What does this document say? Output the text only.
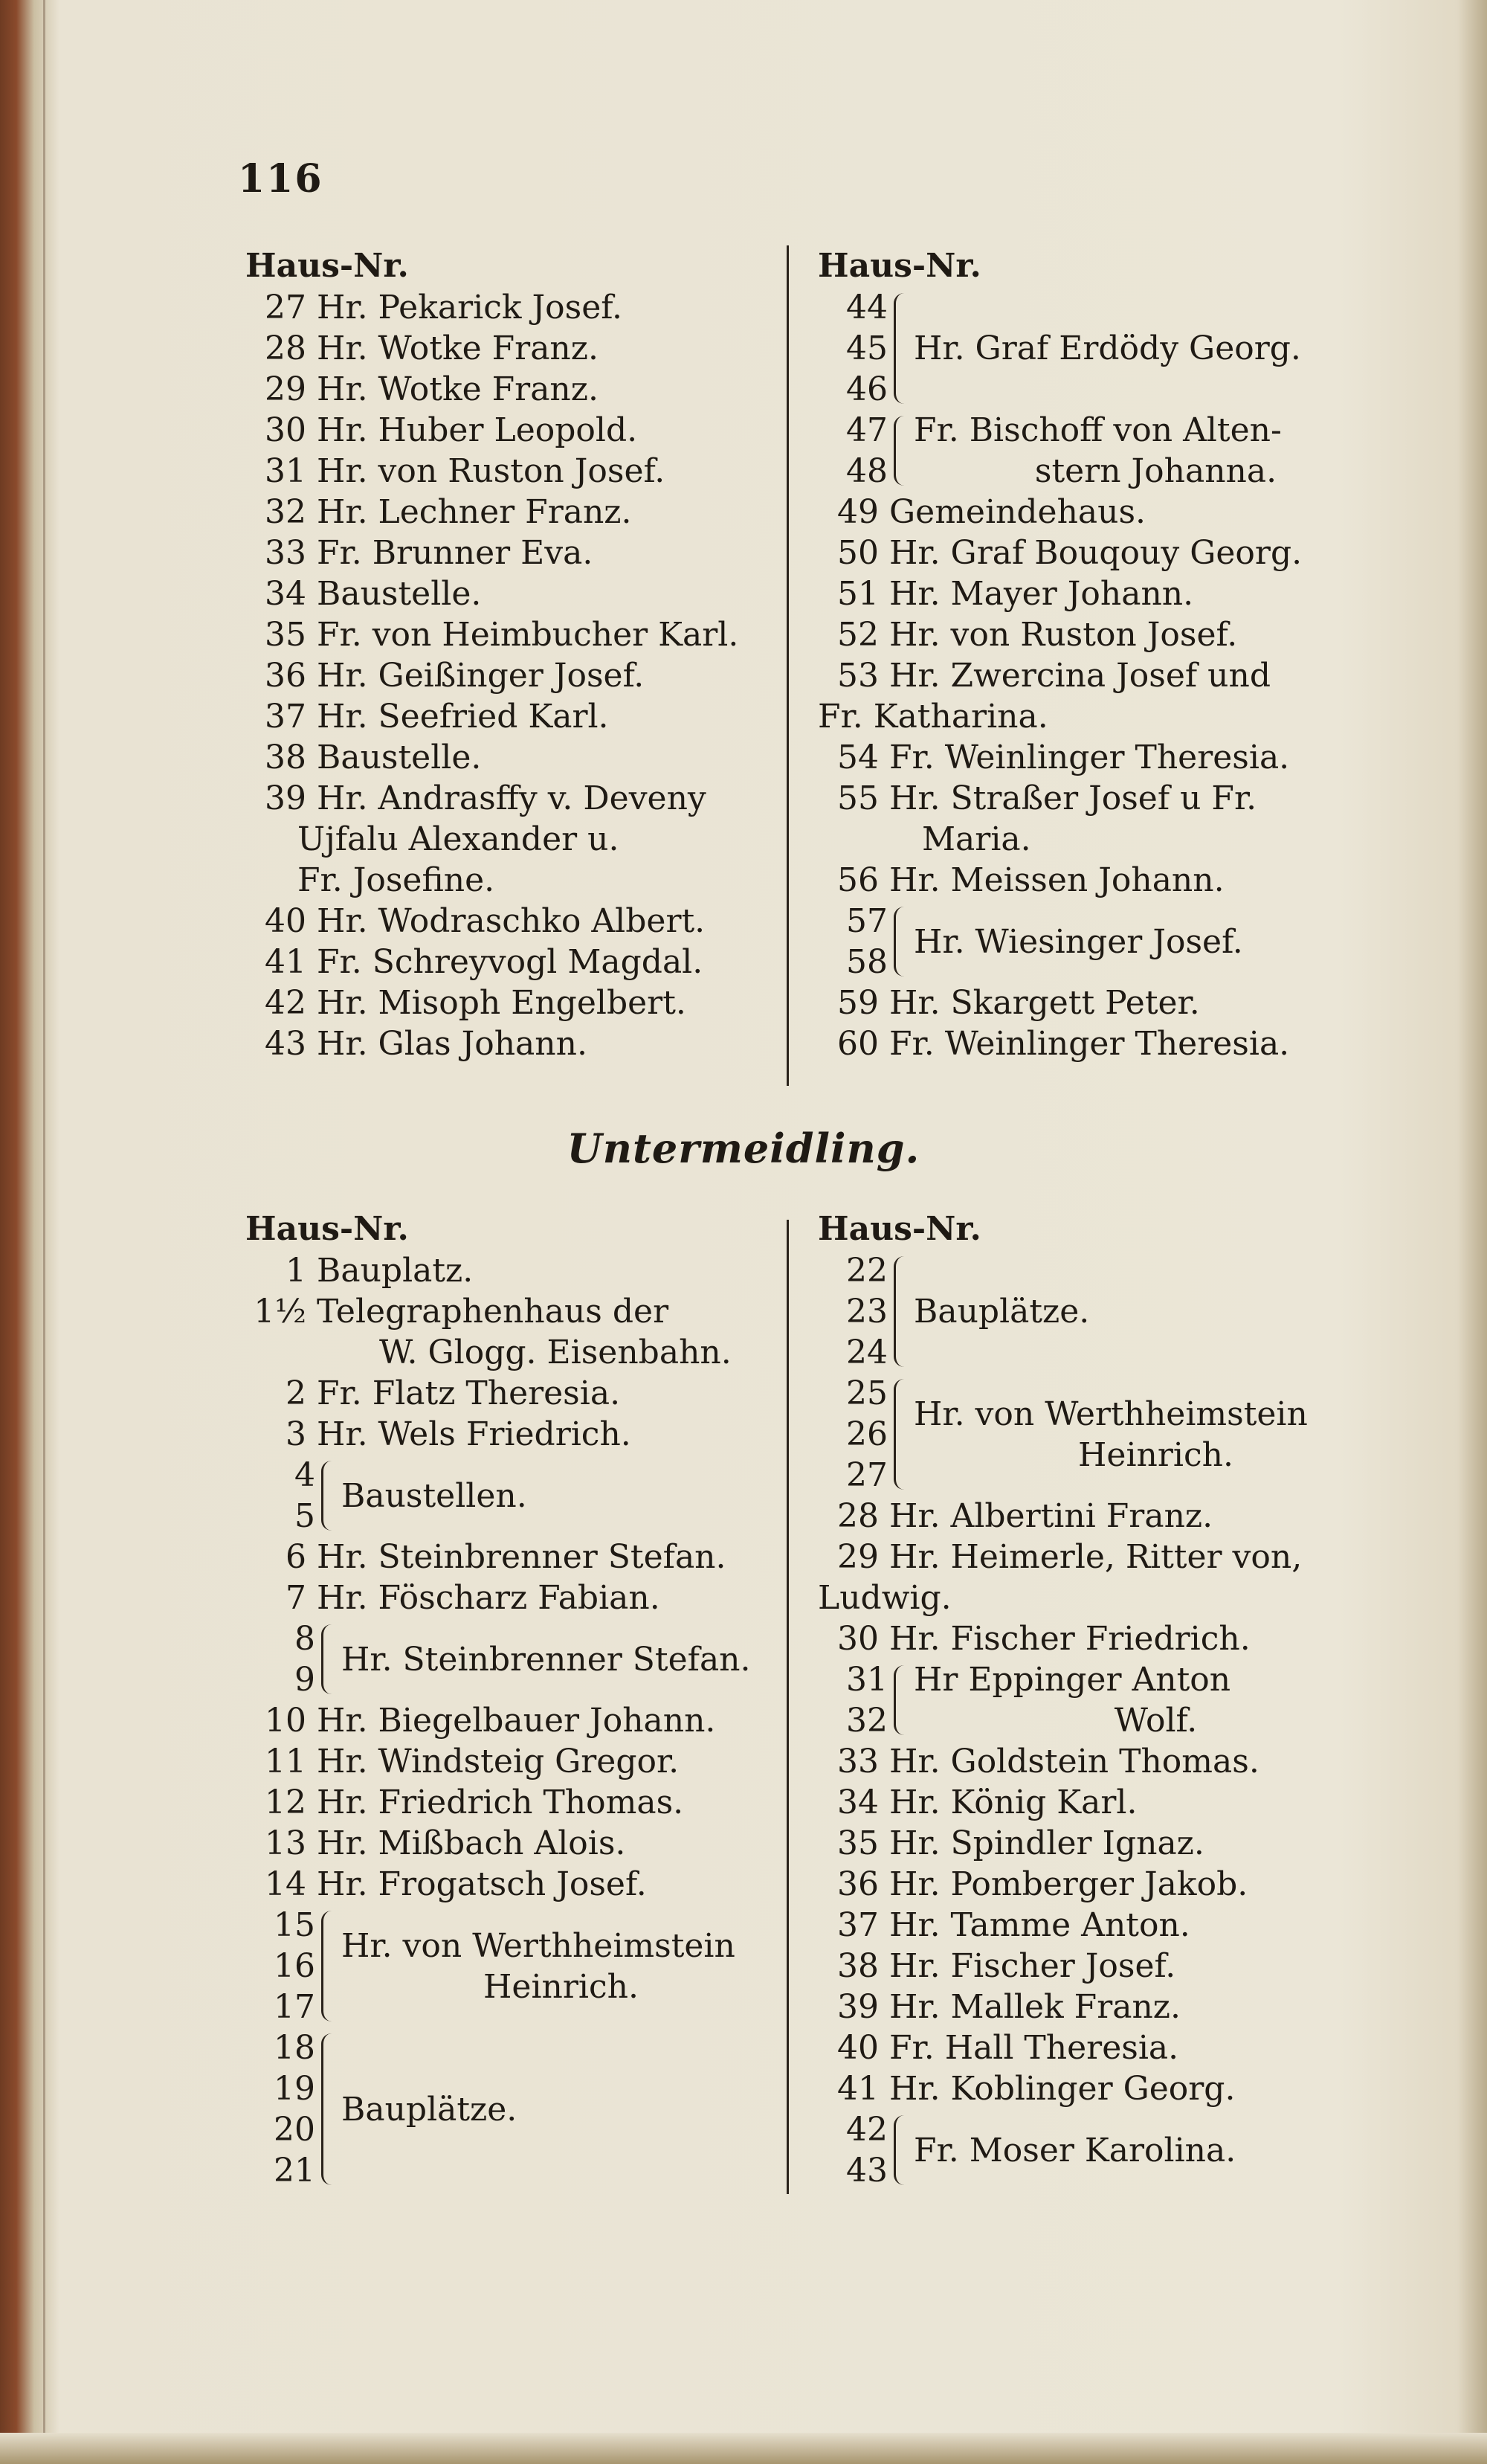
116
Haus-Nr.
27 Hr. Pekarick Josef.
28 Hr. Wotke Franz.
29 Hr. Wotke Franz.
30 Hr. Huber Leopold.
31 Hr. von Ruston Josef.
32 Hr. Lechner Franz.
33 Fr. Brunner Eva.
34 Baustelle.
35 Fr. von Heimbucher Karl.
36 Hr. Geißinger Josef.
37 Hr. Seefried Karl.
38 Baustelle.
39 Hr. Andrasffy v. Deveny
Ujfalu Alexander u.
Fr. Josefine.
40 Hr. Wodraschko Albert.
41 Fr. Schreyvogl Magdal.
42 Hr. Misoph Engelbert.
43 Hr. Glas Johann.
Haus-Nr.
44
45
46
Hr. Graf Erdödy Georg.
47
48
Fr. Bischoff von Alten-
stern Johanna.
49 Gemeindehaus.
50 Hr. Graf Bouqouy Georg.
51 Hr. Mayer Johann.
52 Hr. von Ruston Josef.
53 Hr. Zwercina Josef und
Fr. Katharina.
54 Fr. Weinlinger Theresia.
55 Hr. Straßer Josef u Fr.
Maria.
56 Hr. Meissen Johann.
57
58
Hr. Wiesinger Josef.
59 Hr. Skargett Peter.
60 Fr. Weinlinger Theresia.
Untermeidling.
Haus-Nr.
1 Bauplatz.
1½ Telegraphenhaus der
W. Glogg. Eisenbahn.
2 Fr. Flatz Theresia.
3 Hr. Wels Friedrich.
4
5
Baustellen.
6 Hr. Steinbrenner Stefan.
7 Hr. Föscharz Fabian.
8
9
Hr. Steinbrenner Stefan.
10 Hr. Biegelbauer Johann.
11 Hr. Windsteig Gregor.
12 Hr. Friedrich Thomas.
13 Hr. Mißbach Alois.
14 Hr. Frogatsch Josef.
15
16
17
Hr. von Werthheimstein
Heinrich.
18
19
20
21
Bauplätze.
Haus-Nr.
22
23
24
Bauplätze.
25
26
27
Hr. von Werthheimstein
Heinrich.
28 Hr. Albertini Franz.
29 Hr. Heimerle, Ritter von,
Ludwig.
30 Hr. Fischer Friedrich.
31
32
Hr Eppinger Anton
Wolf.
33 Hr. Goldstein Thomas.
34 Hr. König Karl.
35 Hr. Spindler Ignaz.
36 Hr. Pomberger Jakob.
37 Hr. Tamme Anton.
38 Hr. Fischer Josef.
39 Hr. Mallek Franz.
40 Fr. Hall Theresia.
41 Hr. Koblinger Georg.
42
43
Fr. Moser Karolina.
